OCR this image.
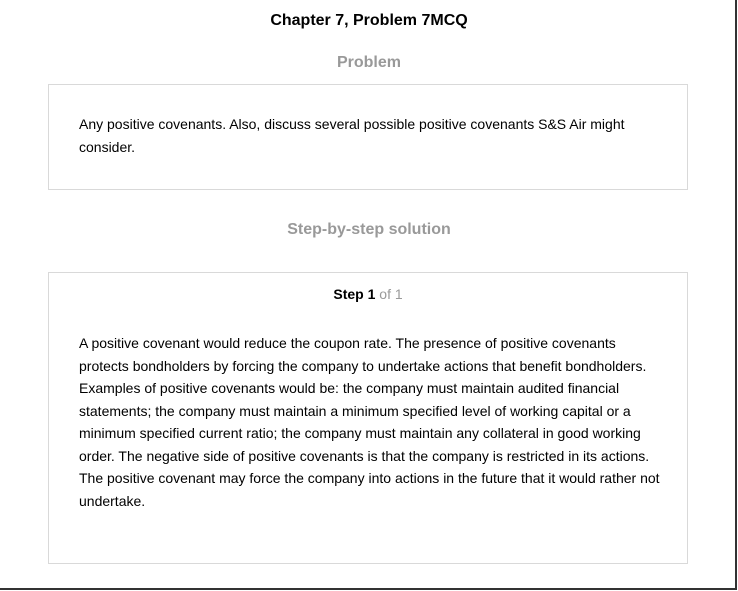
Chapter 7, Problem 7MCQ
Problem
Any positive covenants. Also, discuss several possible positive covenants S&S Air might consider.
Step-by-step solution
Step 1 of 1
A positive covenant would reduce the coupon rate. The presence of positive covenants protects bondholders by forcing the company to undertake actions that benefit bondholders. Examples of positive covenants would be: the company must maintain audited financial statements; the company must maintain a minimum specified level of working capital or a minimum specified current ratio; the company must maintain any collateral in good working order. The negative side of positive covenants is that the company is restricted in its actions. The positive covenant may force the company into actions in the future that it would rather not undertake.
